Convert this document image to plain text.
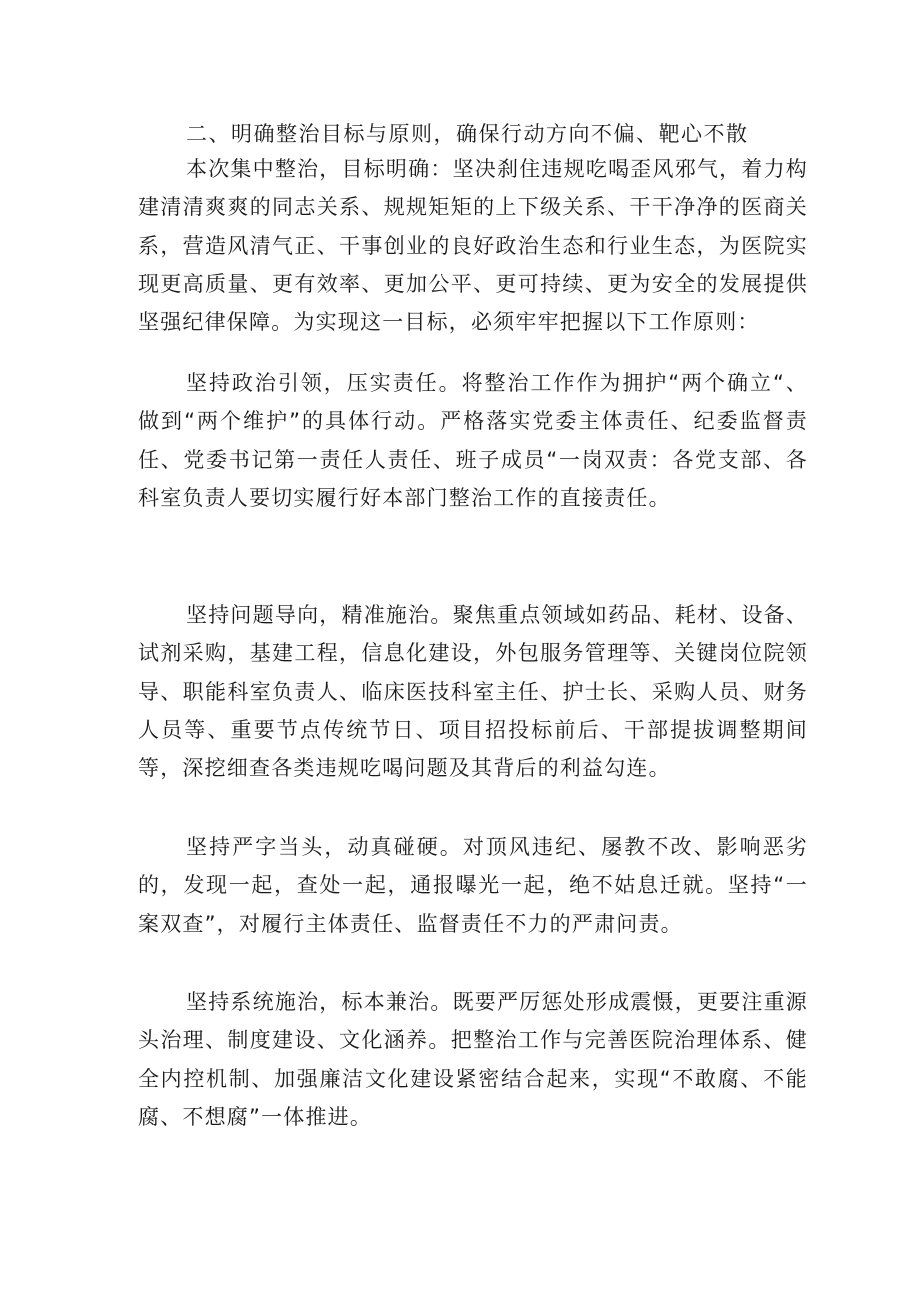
二、明确整治目标与原则，确保行动方向不偏、靶心不散

本次集中整治，目标明确：坚决刹住违规吃喝歪风邪气，着力构建清清爽爽的同志关系、规规矩矩的上下级关系、干干净净的医商关系，营造风清气正、干事创业的良好政治生态和行业生态，为医院实现更高质量、更有效率、更加公平、更可持续、更为安全的发展提供坚强纪律保障。为实现这一目标，必须牢牢把握以下工作原则：

坚持政治引领，压实责任。将整治工作作为拥护“两个确立“、做到“两个维护”的具体行动。严格落实党委主体责任、纪委监督责任、党委书记第一责任人责任、班子成员“一岗双责：各党支部、各科室负责人要切实履行好本部门整治工作的直接责任。

坚持问题导向，精准施治。聚焦重点领域如药品、耗材、设备、试剂采购，基建工程，信息化建设，外包服务管理等、关键岗位院领导、职能科室负责人、临床医技科室主任、护士长、采购人员、财务人员等、重要节点传统节日、项目招投标前后、干部提拔调整期间等，深挖细查各类违规吃喝问题及其背后的利益勾连。

坚持严字当头，动真碰硬。对顶风违纪、屡教不改、影响恶劣的，发现一起，查处一起，通报曝光一起，绝不姑息迁就。坚持“一案双查”，对履行主体责任、监督责任不力的严肃问责。

坚持系统施治，标本兼治。既要严厉惩处形成震慑，更要注重源头治理、制度建设、文化涵养。把整治工作与完善医院治理体系、健全内控机制、加强廉洁文化建设紧密结合起来，实现“不敢腐、不能腐、不想腐”一体推进。
